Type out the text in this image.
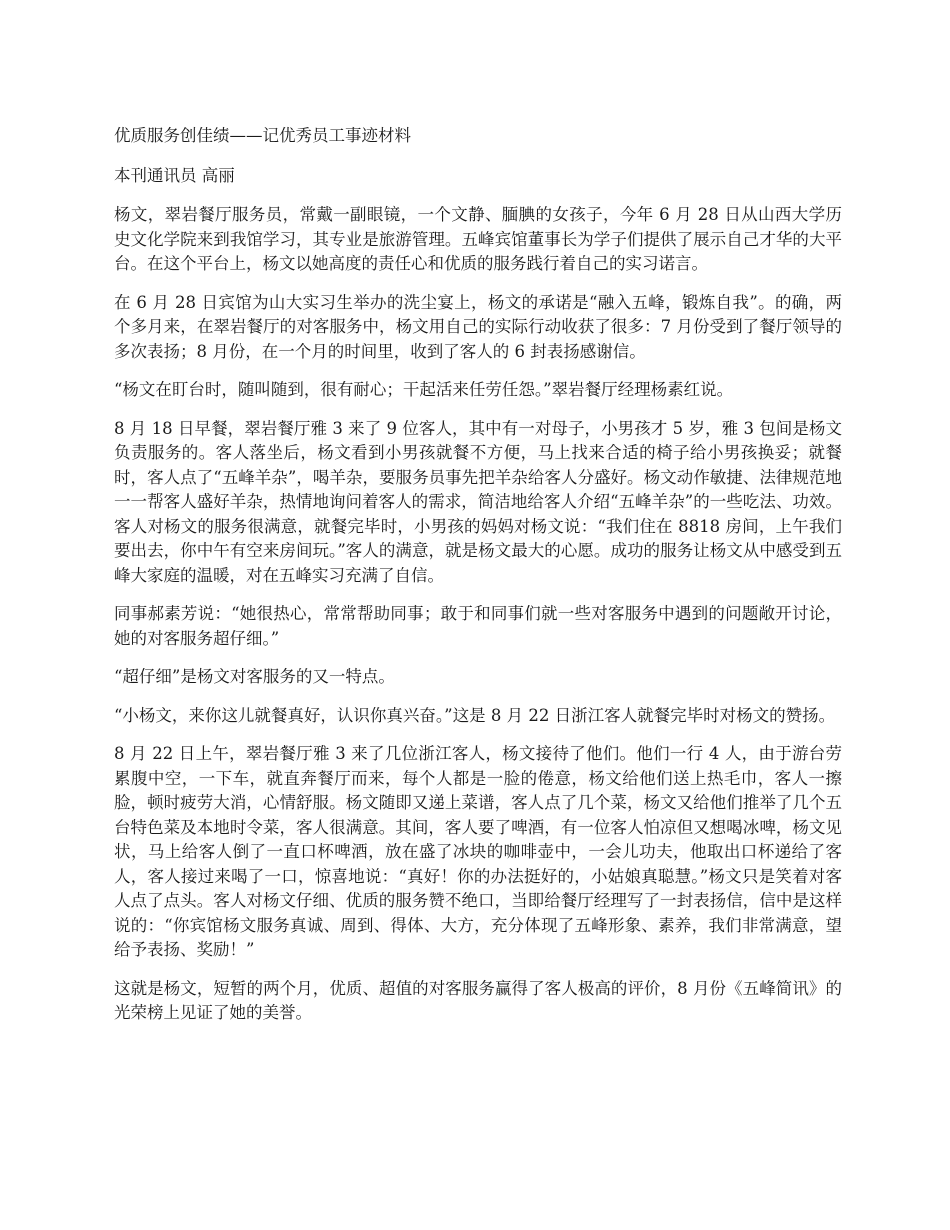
优质服务创佳绩——记优秀员工事迹材料

本刊通讯员 高丽

杨文，翠岩餐厅服务员，常戴一副眼镜，一个文静、腼腆的女孩子，今年 6 月 28 日从山西大学历史文化学院来到我馆学习，其专业是旅游管理。五峰宾馆董事长为学子们提供了展示自己才华的大平台。在这个平台上，杨文以她高度的责任心和优质的服务践行着自己的实习诺言。

在 6 月 28 日宾馆为山大实习生举办的洗尘宴上，杨文的承诺是“融入五峰，锻炼自我”。的确，两个多月来，在翠岩餐厅的对客服务中，杨文用自己的实际行动收获了很多：7 月份受到了餐厅领导的多次表扬；8 月份，在一个月的时间里，收到了客人的 6 封表扬感谢信。

“杨文在盯台时，随叫随到，很有耐心；干起活来任劳任怨。”翠岩餐厅经理杨素红说。

8 月 18 日早餐，翠岩餐厅雅 3 来了 9 位客人，其中有一对母子，小男孩才 5 岁，雅 3 包间是杨文负责服务的。客人落坐后，杨文看到小男孩就餐不方便，马上找来合适的椅子给小男孩换妥；就餐时，客人点了“五峰羊杂”，喝羊杂，要服务员事先把羊杂给客人分盛好。杨文动作敏捷、法律规范地一一帮客人盛好羊杂，热情地询问着客人的需求，简洁地给客人介绍“五峰羊杂”的一些吃法、功效。客人对杨文的服务很满意，就餐完毕时，小男孩的妈妈对杨文说：“我们住在 8818 房间，上午我们要出去，你中午有空来房间玩。”客人的满意，就是杨文最大的心愿。成功的服务让杨文从中感受到五峰大家庭的温暖，对在五峰实习充满了自信。

同事郝素芳说：“她很热心，常常帮助同事；敢于和同事们就一些对客服务中遇到的问题敞开讨论，她的对客服务超仔细。”

“超仔细”是杨文对客服务的又一特点。

“小杨文，来你这儿就餐真好，认识你真兴奋。”这是 8 月 22 日浙江客人就餐完毕时对杨文的赞扬。

8 月 22 日上午，翠岩餐厅雅 3 来了几位浙江客人，杨文接待了他们。他们一行 4 人，由于游台劳累腹中空，一下车，就直奔餐厅而来，每个人都是一脸的倦意，杨文给他们送上热毛巾，客人一擦脸，顿时疲劳大消，心情舒服。杨文随即又递上菜谱，客人点了几个菜，杨文又给他们推举了几个五台特色菜及本地时令菜，客人很满意。其间，客人要了啤酒，有一位客人怕凉但又想喝冰啤，杨文见状，马上给客人倒了一直口杯啤酒，放在盛了冰块的咖啡壶中，一会儿功夫，他取出口杯递给了客人，客人接过来喝了一口，惊喜地说：“真好！你的办法挺好的，小姑娘真聪慧。”杨文只是笑着对客人点了点头。客人对杨文仔细、优质的服务赞不绝口，当即给餐厅经理写了一封表扬信，信中是这样说的：“你宾馆杨文服务真诚、周到、得体、大方，充分体现了五峰形象、素养，我们非常满意，望给予表扬、奖励！”

这就是杨文，短暂的两个月，优质、超值的对客服务赢得了客人极高的评价，8 月份《五峰简讯》的光荣榜上见证了她的美誉。
